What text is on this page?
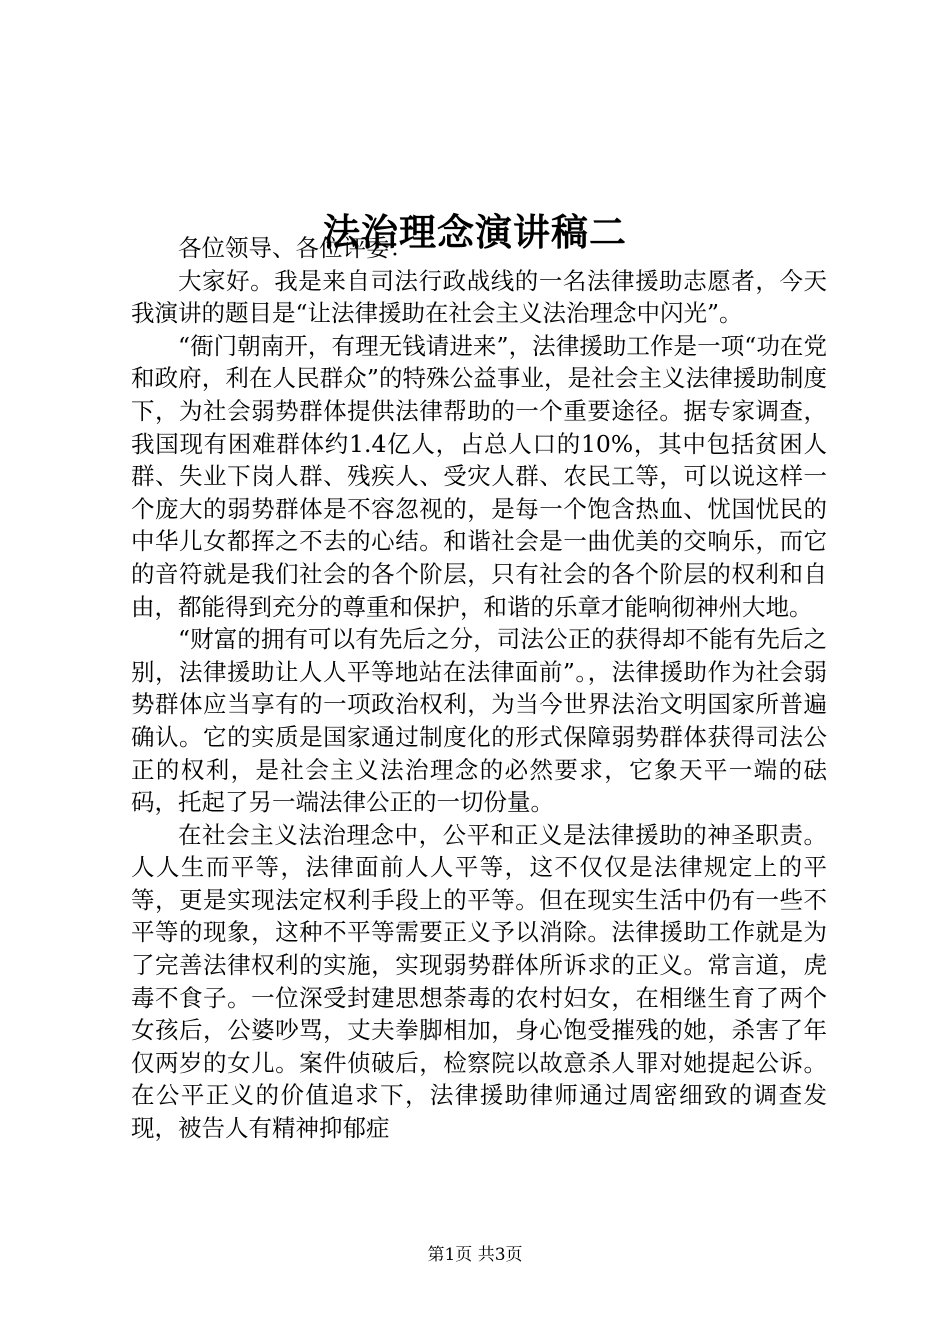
法治理念演讲稿二

各位领导、各位评委：

大家好。我是来自司法行政战线的一名法律援助志愿者，今天我演讲的题目是“让法律援助在社会主义法治理念中闪光”。

“衙门朝南开，有理无钱请进来”，法律援助工作是一项“功在党和政府，利在人民群众”的特殊公益事业，是社会主义法律援助制度下，为社会弱势群体提供法律帮助的一个重要途径。据专家调查，我国现有困难群体约1.4亿人，占总人口的10%，其中包括贫困人群、失业下岗人群、残疾人、受灾人群、农民工等，可以说这样一个庞大的弱势群体是不容忽视的，是每一个饱含热血、忧国忧民的中华儿女都挥之不去的心结。和谐社会是一曲优美的交响乐，而它的音符就是我们社会的各个阶层，只有社会的各个阶层的权利和自由，都能得到充分的尊重和保护，和谐的乐章才能响彻神州大地。

“财富的拥有可以有先后之分，司法公正的获得却不能有先后之别，法律援助让人人平等地站在法律面前”。，法律援助作为社会弱势群体应当享有的一项政治权利，为当今世界法治文明国家所普遍确认。它的实质是国家通过制度化的形式保障弱势群体获得司法公正的权利，是社会主义法治理念的必然要求，它象天平一端的砝码，托起了另一端法律公正的一切份量。

在社会主义法治理念中，公平和正义是法律援助的神圣职责。人人生而平等，法律面前人人平等，这不仅仅是法律规定上的平等，更是实现法定权利手段上的平等。但在现实生活中仍有一些不平等的现象，这种不平等需要正义予以消除。法律援助工作就是为了完善法律权利的实施，实现弱势群体所诉求的正义。常言道，虎毒不食子。一位深受封建思想荼毒的农村妇女，在相继生育了两个女孩后，公婆吵骂，丈夫拳脚相加，身心饱受摧残的她，杀害了年仅两岁的女儿。案件侦破后，检察院以故意杀人罪对她提起公诉。在公平正义的价值追求下，法律援助律师通过周密细致的调查发现，被告人有精神抑郁症

第1页 共3页
